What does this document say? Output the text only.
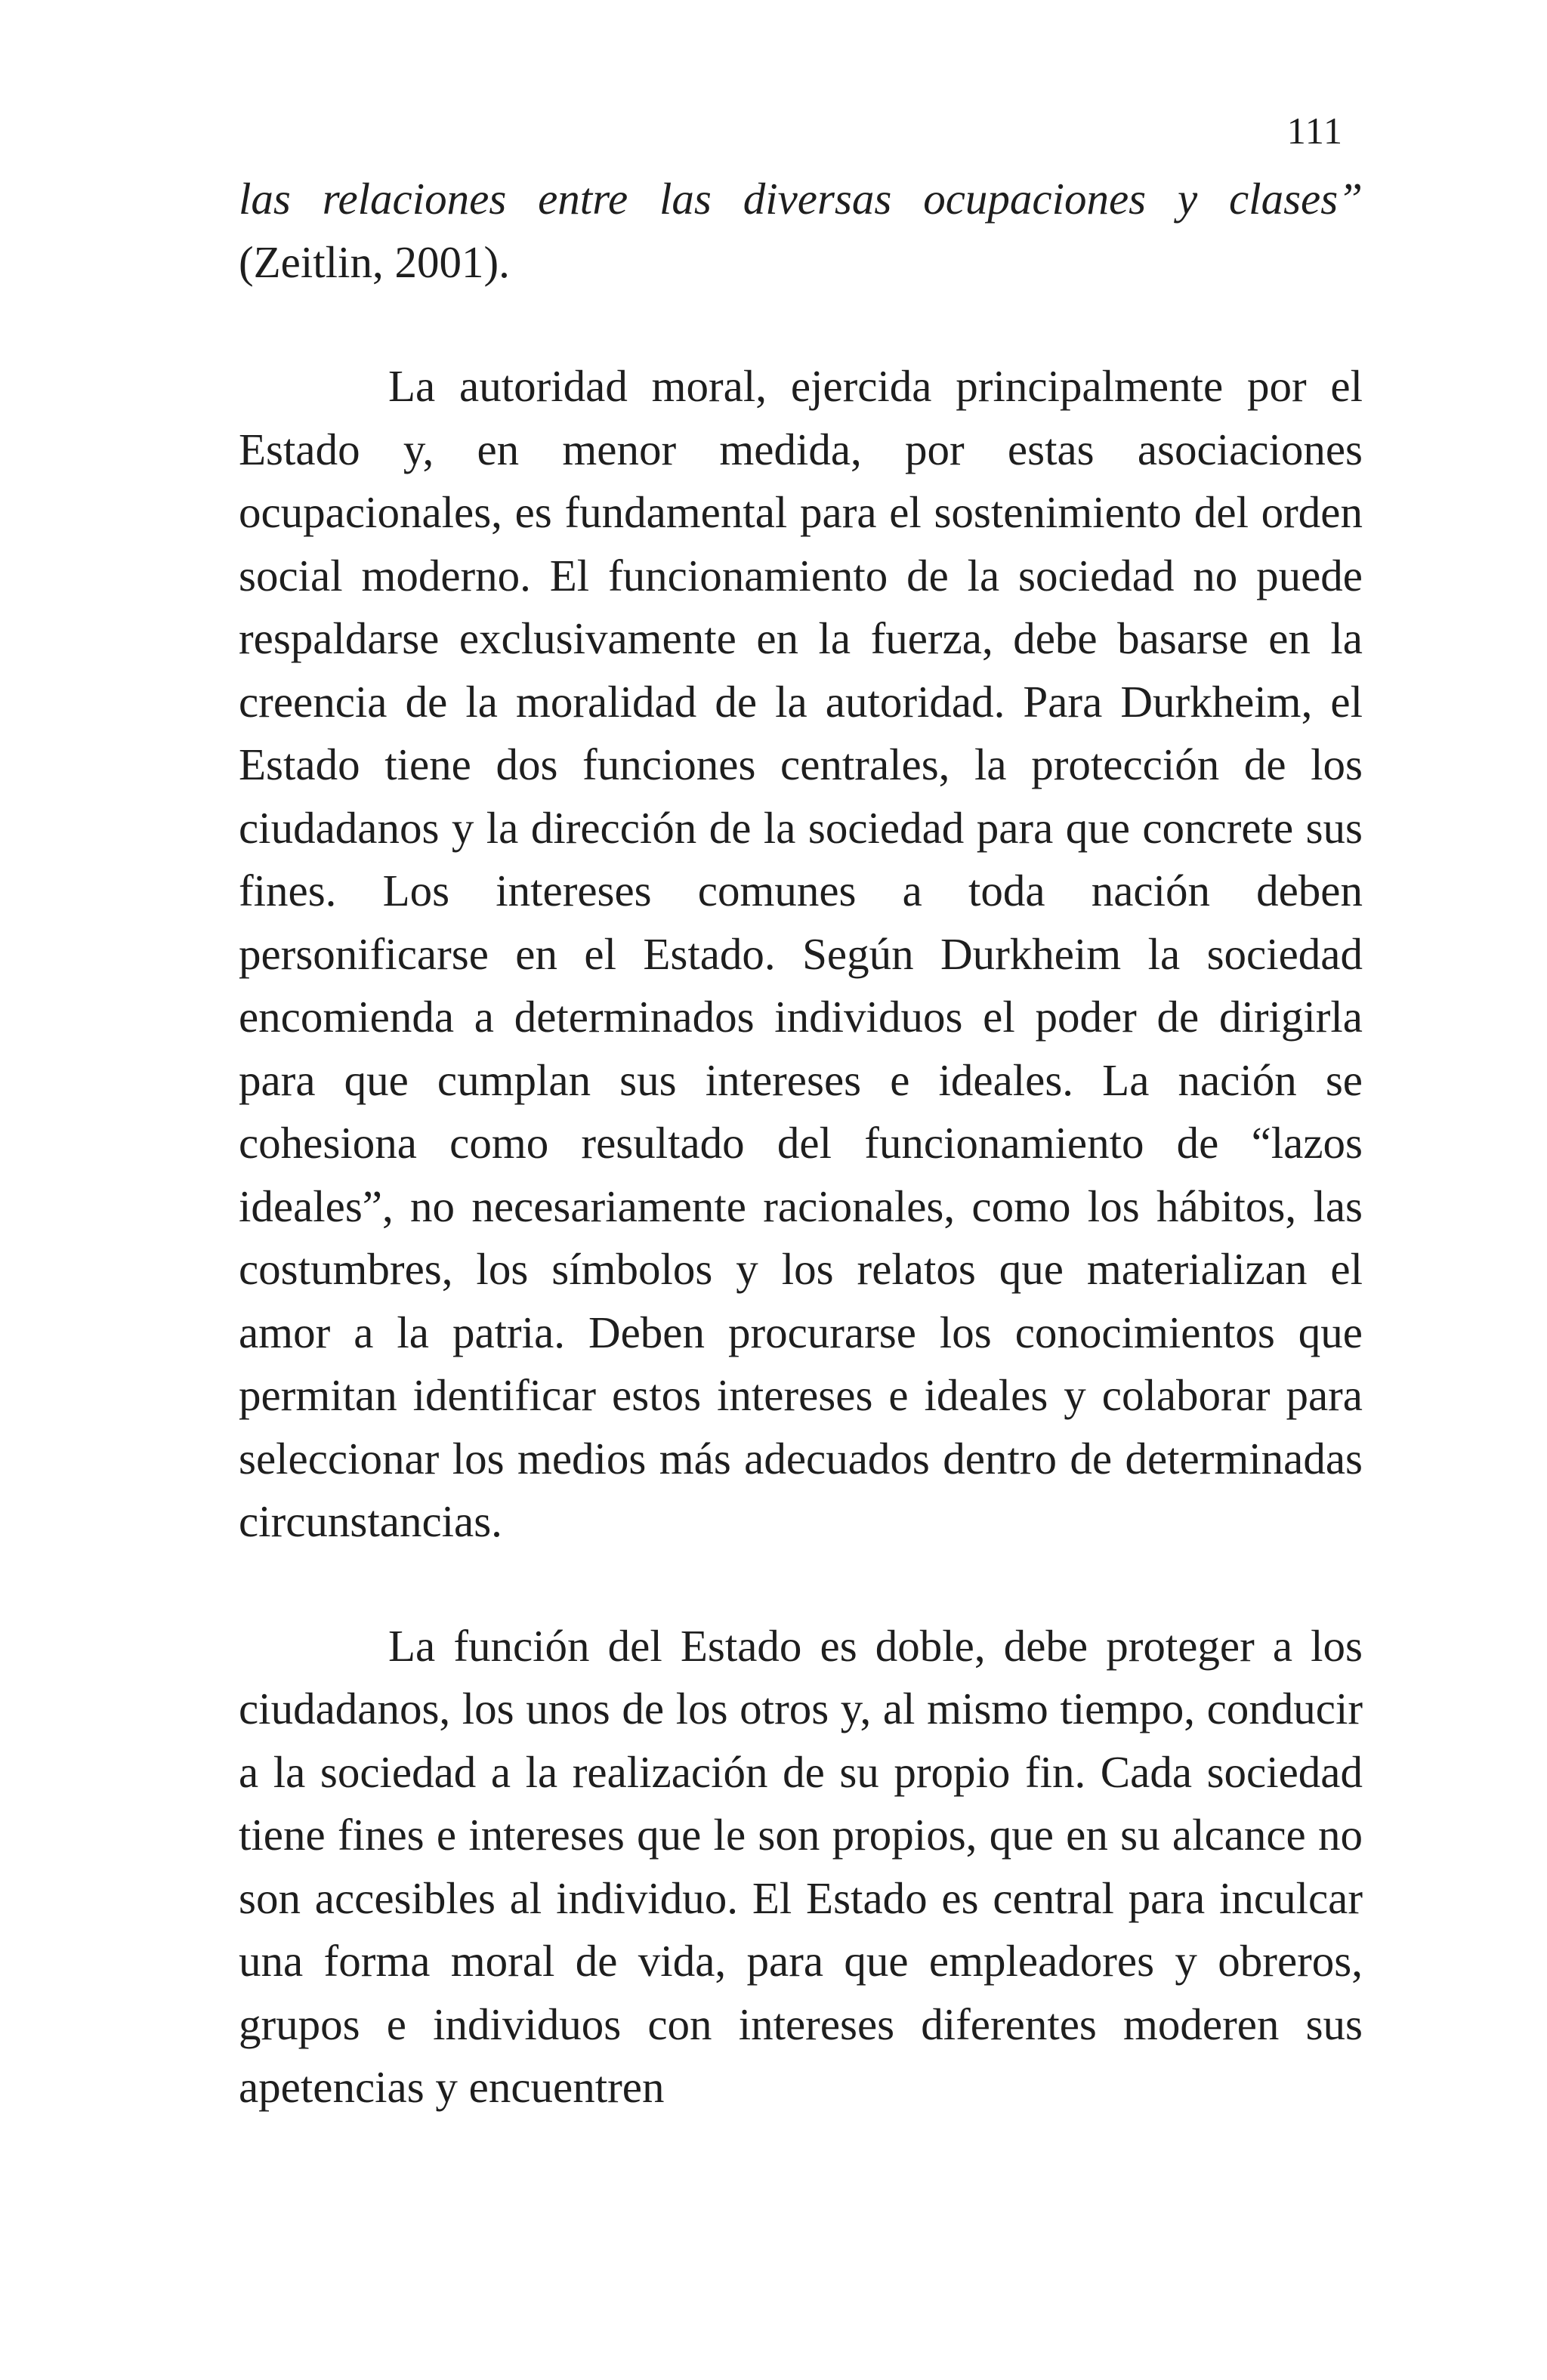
111

las relaciones entre las diversas ocupaciones y clases” (Zeitlin, 2001).

La autoridad moral, ejercida principalmente por el Estado y, en menor medida, por estas asociaciones ocupacionales, es fundamental para el sostenimiento del orden social moderno. El funcionamiento de la sociedad no puede respaldarse exclusivamente en la fuerza, debe basarse en la creencia de la moralidad de la autoridad. Para Durkheim, el Estado tiene dos funciones centrales, la protección de los ciudadanos y la dirección de la sociedad para que concrete sus fines. Los intereses comunes a toda nación deben personificarse en el Estado. Según Durkheim la sociedad encomienda a determinados individuos el poder de dirigirla para que cumplan sus intereses e ideales. La nación se cohesiona como resultado del funcionamiento de “lazos ideales”, no necesariamente racionales, como los hábitos, las costumbres, los símbolos y los relatos que materializan el amor a la patria. Deben procurarse los conocimientos que permitan identificar estos intereses e ideales y colaborar para seleccionar los medios más adecuados dentro de determinadas circunstancias.

La función del Estado es doble, debe proteger a los ciudadanos, los unos de los otros y, al mismo tiempo, conducir a la sociedad a la realización de su propio fin. Cada sociedad tiene fines e intereses que le son propios, que en su alcance no son accesibles al individuo. El Estado es central para inculcar una forma moral de vida, para que empleadores y obreros, grupos e individuos con intereses diferentes moderen sus apetencias y encuentren
